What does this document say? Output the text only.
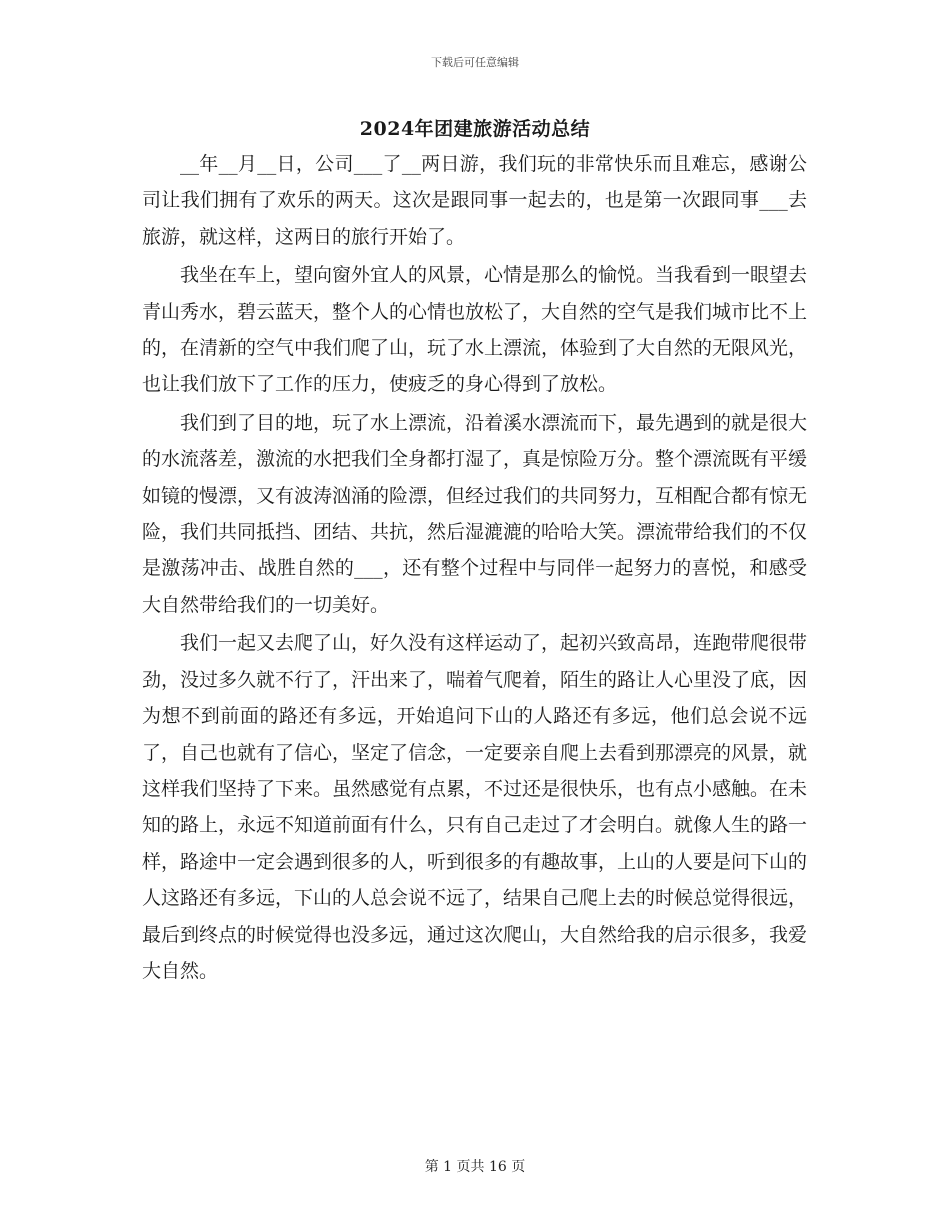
下载后可任意编辑
2024年团建旅游活动总结

__年__月__日，公司___了__两日游，我们玩的非常快乐而且难忘，感谢公司让我们拥有了欢乐的两天。这次是跟同事一起去的，也是第一次跟同事___去旅游，就这样，这两日的旅行开始了。

我坐在车上，望向窗外宜人的风景，心情是那么的愉悦。当我看到一眼望去青山秀水，碧云蓝天，整个人的心情也放松了，大自然的空气是我们城市比不上的，在清新的空气中我们爬了山，玩了水上漂流，体验到了大自然的无限风光，也让我们放下了工作的压力，使疲乏的身心得到了放松。

我们到了目的地，玩了水上漂流，沿着溪水漂流而下，最先遇到的就是很大的水流落差，激流的水把我们全身都打湿了，真是惊险万分。整个漂流既有平缓如镜的慢漂，又有波涛汹涌的险漂，但经过我们的共同努力，互相配合都有惊无险，我们共同抵挡、团结、共抗，然后湿漉漉的哈哈大笑。漂流带给我们的不仅是激荡冲击、战胜自然的___，还有整个过程中与同伴一起努力的喜悦，和感受大自然带给我们的一切美好。

我们一起又去爬了山，好久没有这样运动了，起初兴致高昂，连跑带爬很带劲，没过多久就不行了，汗出来了，喘着气爬着，陌生的路让人心里没了底，因为想不到前面的路还有多远，开始追问下山的人路还有多远，他们总会说不远了，自己也就有了信心，坚定了信念，一定要亲自爬上去看到那漂亮的风景，就这样我们坚持了下来。虽然感觉有点累，不过还是很快乐，也有点小感触。在未知的路上，永远不知道前面有什么，只有自己走过了才会明白。就像人生的路一样，路途中一定会遇到很多的人，听到很多的有趣故事，上山的人要是问下山的人这路还有多远，下山的人总会说不远了，结果自己爬上去的时候总觉得很远，最后到终点的时候觉得也没多远，通过这次爬山，大自然给我的启示很多，我爱大自然。

第 1 页共 16 页
